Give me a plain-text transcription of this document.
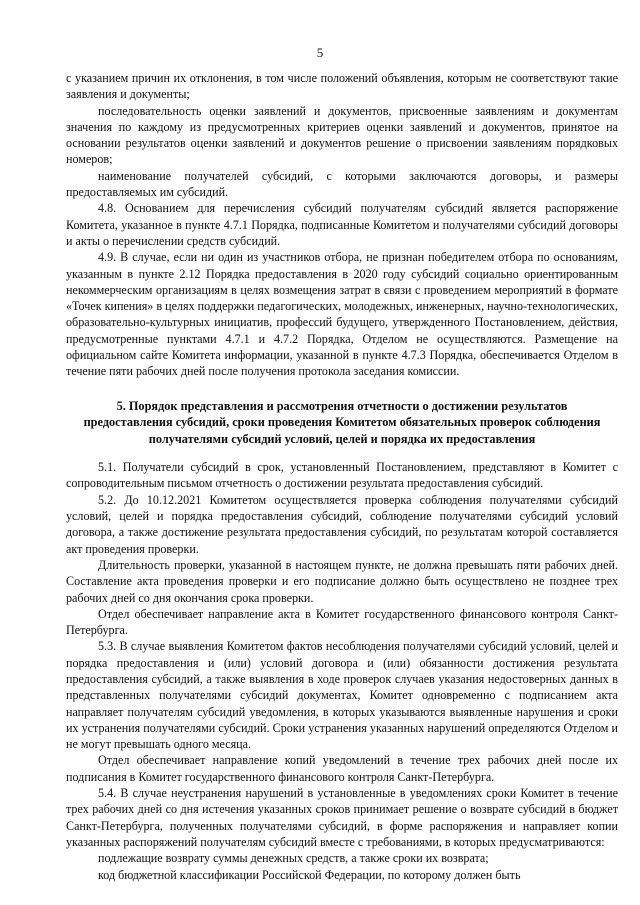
5

с указанием причин их отклонения, в том числе положений объявления, которым не соответствуют такие заявления и документы;

последовательность оценки заявлений и документов, присвоенные заявлениям и документам значения по каждому из предусмотренных критериев оценки заявлений и документов, принятое на основании результатов оценки заявлений и документов решение о присвоении заявлениям порядковых номеров;

наименование получателей субсидий, с которыми заключаются договоры, и размеры предоставляемых им субсидий.

4.8. Основанием для перечисления субсидий получателям субсидий является распоряжение Комитета, указанное в пункте 4.7.1 Порядка, подписанные Комитетом и получателями субсидий договоры и акты о перечислении средств субсидий.

4.9. В случае, если ни один из участников отбора, не признан победителем отбора по основаниям, указанным в пункте 2.12 Порядка предоставления в 2020 году субсидий социально ориентированным некоммерческим организациям в целях возмещения затрат в связи с проведением мероприятий в формате «Точек кипения» в целях поддержки педагогических, молодежных, инженерных, научно-технологических, образовательно-культурных инициатив, профессий будущего, утвержденного Постановлением, действия, предусмотренные пунктами 4.7.1 и 4.7.2 Порядка, Отделом не осуществляются. Размещение на официальном сайте Комитета информации, указанной в пункте 4.7.3 Порядка, обеспечивается Отделом в течение пяти рабочих дней после получения протокола заседания комиссии.

5. Порядок представления и рассмотрения отчетности о достижении результатов
предоставления субсидий, сроки проведения Комитетом обязательных проверок соблюдения
получателями субсидий условий, целей и порядка их предоставления

5.1. Получатели субсидий в срок, установленный Постановлением, представляют в Комитет с сопроводительным письмом отчетность о достижении результата предоставления субсидий.

5.2. До 10.12.2021 Комитетом осуществляется проверка соблюдения получателями субсидий условий, целей и порядка предоставления субсидий, соблюдение получателями субсидий условий договора, а также достижение результата предоставления субсидий, по результатам которой составляется акт проведения проверки.

Длительность проверки, указанной в настоящем пункте, не должна превышать пяти рабочих дней. Составление акта проведения проверки и его подписание должно быть осуществлено не позднее трех рабочих дней со дня окончания срока проверки.

Отдел обеспечивает направление акта в Комитет государственного финансового контроля Санкт-Петербурга.

5.3. В случае выявления Комитетом фактов несоблюдения получателями субсидий условий, целей и порядка предоставления и (или) условий договора и (или) обязанности достижения результата предоставления субсидий, а также выявления в ходе проверок случаев указания недостоверных данных в представленных получателями субсидий документах, Комитет одновременно с подписанием акта направляет получателям субсидий уведомления, в которых указываются выявленные нарушения и сроки их устранения получателями субсидий. Сроки устранения указанных нарушений определяются Отделом и не могут превышать одного месяца.

Отдел обеспечивает направление копий уведомлений в течение трех рабочих дней после их подписания в Комитет государственного финансового контроля Санкт-Петербурга.

5.4. В случае неустранения нарушений в установленные в уведомлениях сроки Комитет в течение трех рабочих дней со дня истечения указанных сроков принимает решение о возврате субсидий в бюджет Санкт-Петербурга, полученных получателями субсидий, в форме распоряжения и направляет копии указанных распоряжений получателям субсидий вместе с требованиями, в которых предусматриваются:

подлежащие возврату суммы денежных средств, а также сроки их возврата;

код бюджетной классификации Российской Федерации, по которому должен быть
